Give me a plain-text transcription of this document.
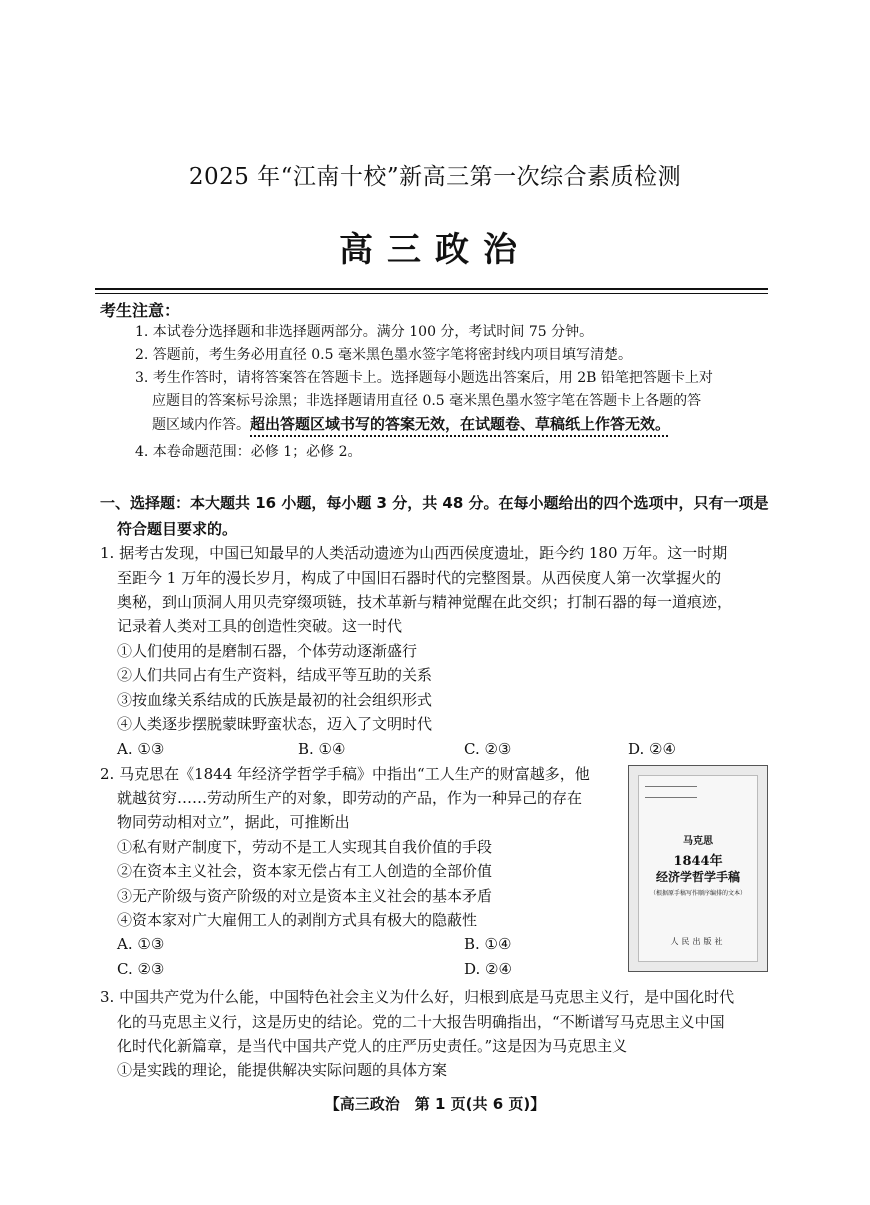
2025 年“江南十校”新高三第一次综合素质检测
高三政治
考生注意：
1. 本试卷分选择题和非选择题两部分。满分 100 分，考试时间 75 分钟。
2. 答题前，考生务必用直径 0.5 毫米黑色墨水签字笔将密封线内项目填写清楚。
3. 考生作答时，请将答案答在答题卡上。选择题每小题选出答案后，用 2B 铅笔把答题卡上对
应题目的答案标号涂黑；非选择题请用直径 0.5 毫米黑色墨水签字笔在答题卡上各题的答
题区域内作答。超出答题区域书写的答案无效，在试题卷、草稿纸上作答无效。
4. 本卷命题范围：必修 1；必修 2。
一、选择题：本大题共 16 小题，每小题 3 分，共 48 分。在每小题给出的四个选项中，只有一项是
符合题目要求的。
1. 据考古发现，中国已知最早的人类活动遗迹为山西西侯度遗址，距今约 180 万年。这一时期
至距今 1 万年的漫长岁月，构成了中国旧石器时代的完整图景。从西侯度人第一次掌握火的
奥秘，到山顶洞人用贝壳穿缀项链，技术革新与精神觉醒在此交织；打制石器的每一道痕迹，
记录着人类对工具的创造性突破。这一时代
①人们使用的是磨制石器，个体劳动逐渐盛行
②人们共同占有生产资料，结成平等互助的关系
③按血缘关系结成的氏族是最初的社会组织形式
④人类逐步摆脱蒙昧野蛮状态，迈入了文明时代
A. ①③	B. ①④	C. ②③	D. ②④
2. 马克思在《1844 年经济学哲学手稿》中指出“工人生产的财富越多，他
就越贫穷……劳动所生产的对象，即劳动的产品，作为一种异己的存在
物同劳动相对立”，据此，可推断出
①私有财产制度下，劳动不是工人实现其自我价值的手段
②在资本主义社会，资本家无偿占有工人创造的全部价值
③无产阶级与资产阶级的对立是资本主义社会的基本矛盾
④资本家对广大雇佣工人的剥削方式具有极大的隐蔽性
A. ①③	B. ①④
C. ②③	D. ②④
马克思
1844年
经济学哲学手稿
（根据原手稿写作顺序编排的文本）
人民出版社
3. 中国共产党为什么能，中国特色社会主义为什么好，归根到底是马克思主义行，是中国化时代
化的马克思主义行，这是历史的结论。党的二十大报告明确指出，“不断谱写马克思主义中国
化时代化新篇章，是当代中国共产党人的庄严历史责任。”这是因为马克思主义
①是实践的理论，能提供解决实际问题的具体方案
【高三政治　第 1 页(共 6 页)】
